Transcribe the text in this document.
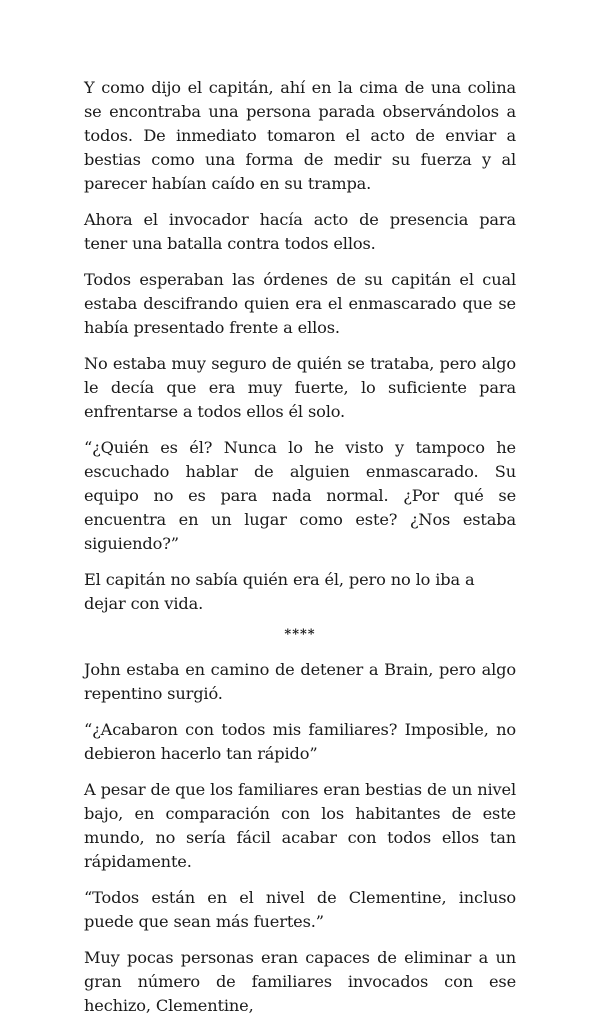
Y como dijo el capitán, ahí en la cima de una colina se encontraba una persona parada observándolos a todos. De inmediato tomaron el acto de enviar a bestias como una forma de medir su fuerza y al parecer habían caído en su trampa.

Ahora el invocador hacía acto de presencia para tener una batalla contra todos ellos.

Todos esperaban las órdenes de su capitán el cual estaba descifrando quien era el enmascarado que se había presentado frente a ellos.

No estaba muy seguro de quién se trataba, pero algo le decía que era muy fuerte, lo suficiente para enfrentarse a todos ellos él solo.

“¿Quién es él? Nunca lo he visto y tampoco he escuchado hablar de alguien enmascarado. Su equipo no es para nada normal. ¿Por qué se encuentra en un lugar como este? ¿Nos estaba siguiendo?”

El capitán no sabía quién era él, pero no lo iba a dejar con vida.

****

John estaba en camino de detener a Brain, pero algo repentino surgió.

“¿Acabaron con todos mis familiares? Imposible, no debieron hacerlo tan rápido”

A pesar de que los familiares eran bestias de un nivel bajo, en comparación con los habitantes de este mundo, no sería fácil acabar con todos ellos tan rápidamente.

“Todos están en el nivel de Clementine, incluso puede que sean más fuertes.”

Muy pocas personas eran capaces de eliminar a un gran número de familiares invocados con ese hechizo, Clementine,
